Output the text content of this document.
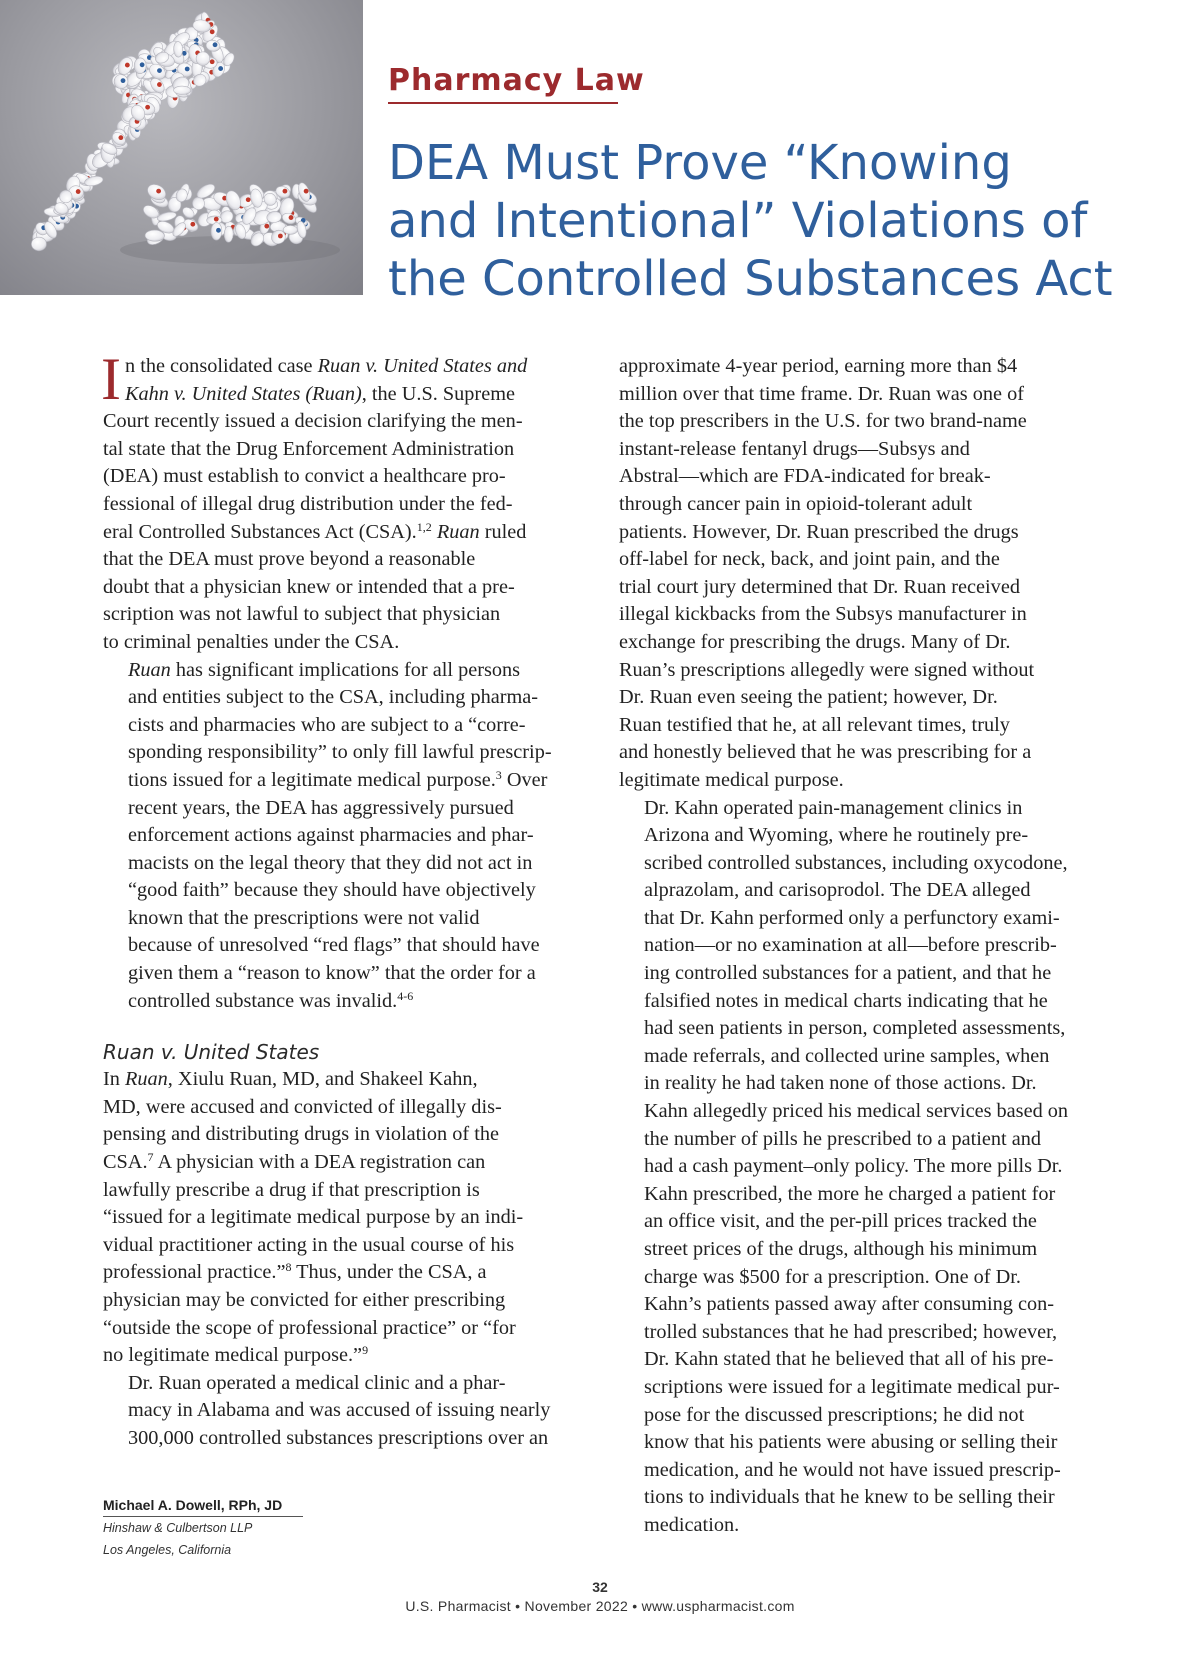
Pharmacy Law
DEA Must Prove “Knowing
and Intentional” Violations of
the Controlled Substances Act

I n the consolidated case Ruan v. United States and
Kahn v. United States (Ruan), the U.S. Supreme
Court recently issued a decision clarifying the men-
tal state that the Drug Enforcement Administration
(DEA) must establish to convict a healthcare pro-
fessional of illegal drug distribution under the fed-
eral Controlled Substances Act (CSA).$^{1,2}$ Ruan ruled
that the DEA must prove beyond a reasonable
doubt that a physician knew or intended that a pre-
scription was not lawful to subject that physician
to criminal penalties under the CSA.

Ruan has significant implications for all persons
and entities subject to the CSA, including pharma-
cists and pharmacies who are subject to a “corre-
sponding responsibility” to only fill lawful prescrip-
tions issued for a legitimate medical purpose.$^3$ Over
recent years, the DEA has aggressively pursued
enforcement actions against pharmacies and phar-
macists on the legal theory that they did not act in
“good faith” because they should have objectively
known that the prescriptions were not valid
because of unresolved “red flags” that should have
given them a “reason to know” that the order for a
controlled substance was invalid.$^{4-6}$

Ruan v. United States

In Ruan, Xiulu Ruan, MD, and Shakeel Kahn,
MD, were accused and convicted of illegally dis-
pensing and distributing drugs in violation of the
CSA.$^7$ A physician with a DEA registration can
lawfully prescribe a drug if that prescription is
“issued for a legitimate medical purpose by an indi-
vidual practitioner acting in the usual course of his
professional practice.”$^8$ Thus, under the CSA, a
physician may be convicted for either prescribing
“outside the scope of professional practice” or “for
no legitimate medical purpose.”$^9$

Dr. Ruan operated a medical clinic and a phar-
macy in Alabama and was accused of issuing nearly
300,000 controlled substances prescriptions over an

approximate 4-year period, earning more than $4
million over that time frame. Dr. Ruan was one of
the top prescribers in the U.S. for two brand-name
instant-release fentanyl drugs—Subsys and
Abstral—which are FDA-indicated for break-
through cancer pain in opioid-tolerant adult
patients. However, Dr. Ruan prescribed the drugs
off-label for neck, back, and joint pain, and the
trial court jury determined that Dr. Ruan received
illegal kickbacks from the Subsys manufacturer in
exchange for prescribing the drugs. Many of Dr.
Ruan’s prescriptions allegedly were signed without
Dr. Ruan even seeing the patient; however, Dr.
Ruan testified that he, at all relevant times, truly
and honestly believed that he was prescribing for a
legitimate medical purpose.

Dr. Kahn operated pain-management clinics in
Arizona and Wyoming, where he routinely pre-
scribed controlled substances, including oxycodone,
alprazolam, and carisoprodol. The DEA alleged
that Dr. Kahn performed only a perfunctory exami-
nation—or no examination at all—before prescrib-
ing controlled substances for a patient, and that he
falsified notes in medical charts indicating that he
had seen patients in person, completed assessments,
made referrals, and collected urine samples, when
in reality he had taken none of those actions. Dr.
Kahn allegedly priced his medical services based on
the number of pills he prescribed to a patient and
had a cash payment–only policy. The more pills Dr.
Kahn prescribed, the more he charged a patient for
an office visit, and the per-pill prices tracked the
street prices of the drugs, although his minimum
charge was $500 for a prescription. One of Dr.
Kahn’s patients passed away after consuming con-
trolled substances that he had prescribed; however,
Dr. Kahn stated that he believed that all of his pre-
scriptions were issued for a legitimate medical pur-
pose for the discussed prescriptions; he did not
know that his patients were abusing or selling their
medication, and he would not have issued prescrip-
tions to individuals that he knew to be selling their
medication.

Michael A. Dowell, RPh, JD

Hinshaw & Culbertson LLP

Los Angeles, California

32

U.S. Pharmacist • November 2022 • www.uspharmacist.com
